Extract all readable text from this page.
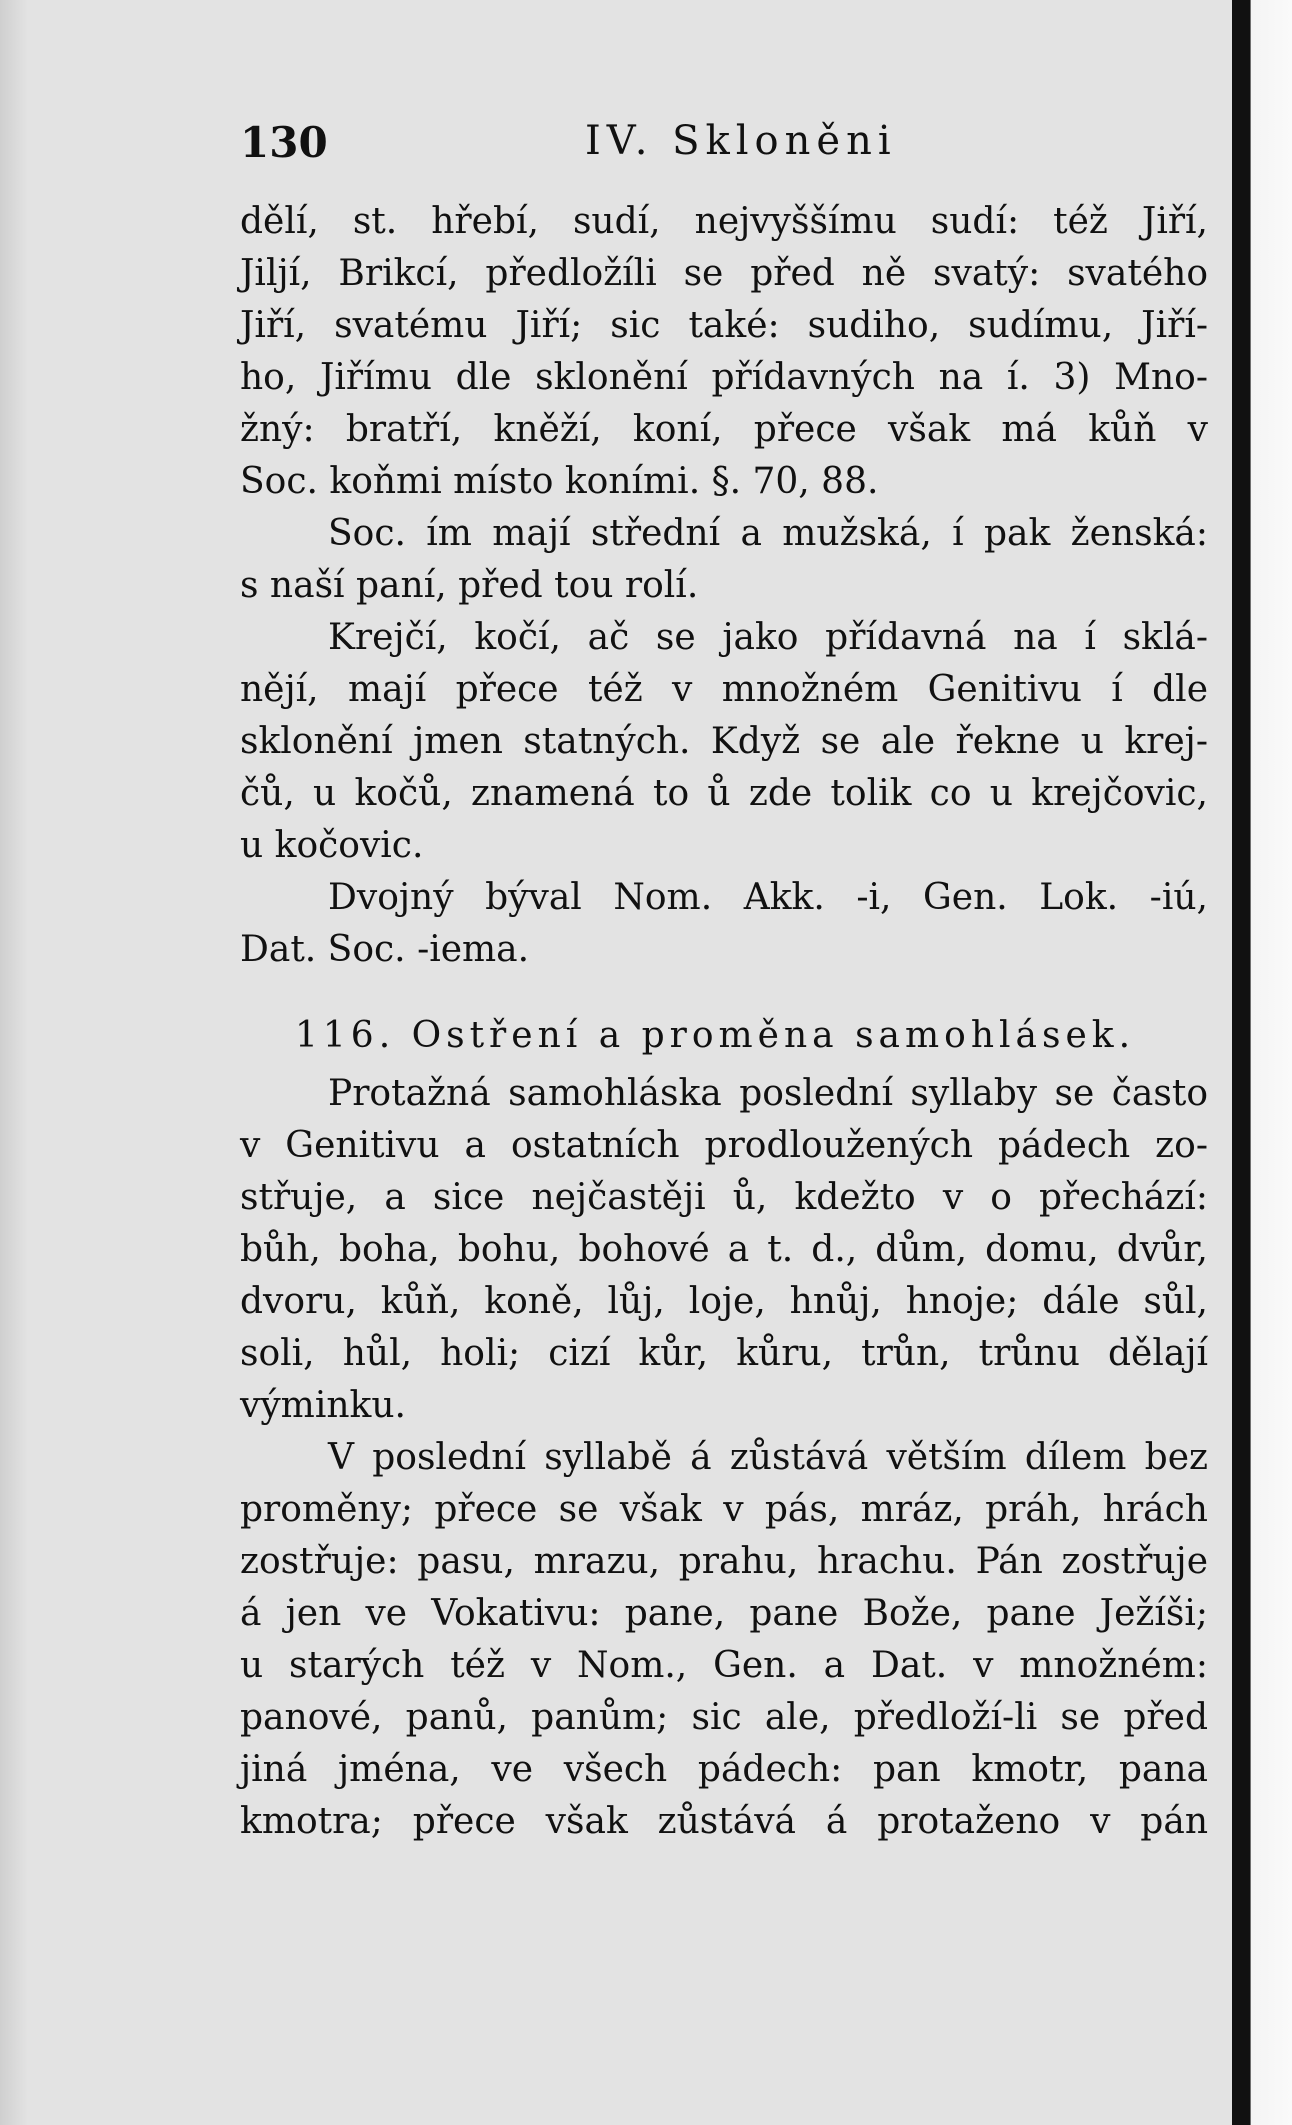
130	IV. Skloněni
dělí, st. hřebí, sudí, nejvyššímu sudí: též Jiří,
Jiljí, Brikcí, předložíli se před ně svatý: svatého
Jiří, svatému Jiří; sic také: sudiho, sudímu, Jiří-
ho, Jiřímu dle sklonění přídavných na í. 3) Mno-
žný: bratří, kněží, koní, přece však má kůň v
Soc. koňmi místo koními. §. 70, 88.
Soc. ím mají střední a mužská, í pak ženská:
s naší paní, před tou rolí.
Krejčí, kočí, ač se jako přídavná na í sklá-
nějí, mají přece též v množném Genitivu í dle
sklonění jmen statných. Když se ale řekne u krej-
čů, u kočů, znamená to ů zde tolik co u krejčovic,
u kočovic.
Dvojný býval Nom. Akk. -i, Gen. Lok. -iú,
Dat. Soc. -iema.
116. Ostření a proměna samohlásek.
Protažná samohláska poslední syllaby se často
v Genitivu a ostatních prodloužených pádech zo-
střuje, a sice nejčastěji ů, kdežto v o přechází:
bůh, boha, bohu, bohové a t. d., dům, domu, dvůr,
dvoru, kůň, koně, lůj, loje, hnůj, hnoje; dále sůl,
soli, hůl, holi; cizí kůr, kůru, trůn, trůnu dělají
výminku.
V poslední syllabě á zůstává větším dílem bez
proměny; přece se však v pás, mráz, práh, hrách
zostřuje: pasu, mrazu, prahu, hrachu. Pán zostřuje
á jen ve Vokativu: pane, pane Bože, pane Ježíši;
u starých též v Nom., Gen. a Dat. v množném:
panové, panů, panům; sic ale, předloží-li se před
jiná jména, ve všech pádech: pan kmotr, pana
kmotra; přece však zůstává á protaženo v pán
